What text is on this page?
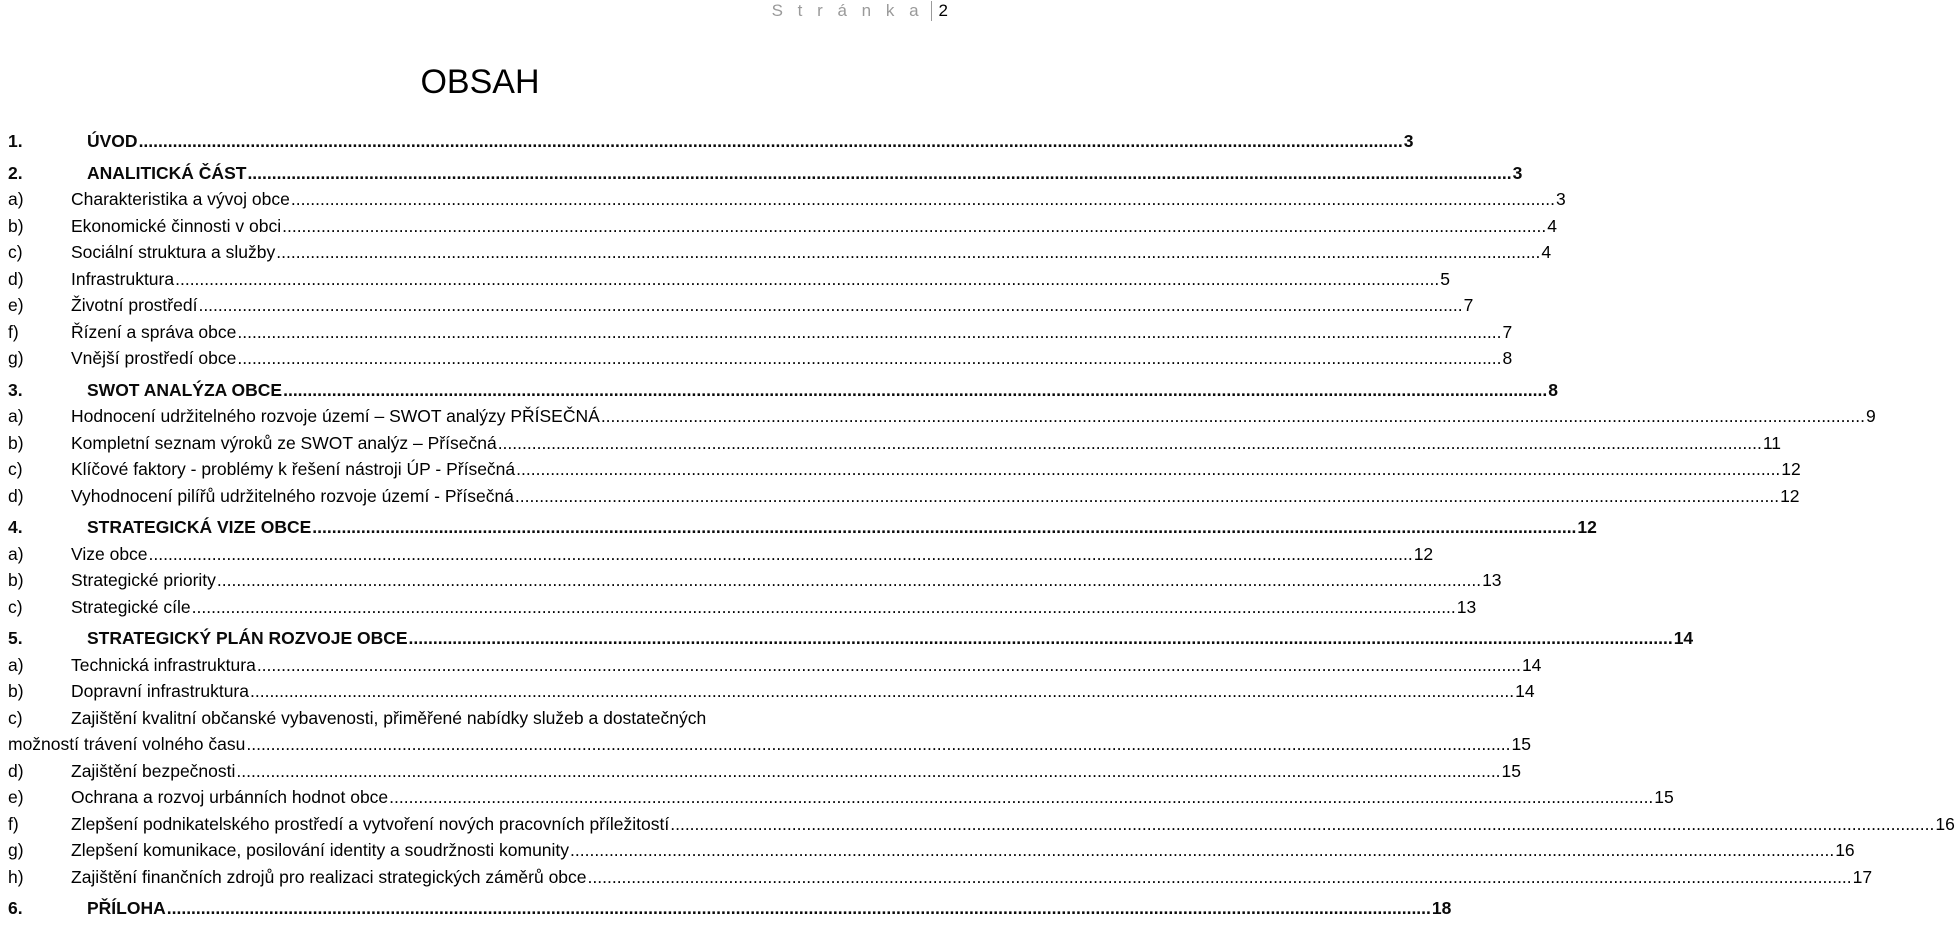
S t r á n k a 2
OBSAH
1.	ÚVOD .....	3
2.	ANALITICKÁ ČÁST .....	3
a)	Charakteristika a vývoj obce .....	3
b)	Ekonomické činnosti v obci .....	4
c)	Sociální struktura a služby .....	4
d)	Infrastruktura .....	5
e)	Životní prostředí .....	7
f)	Řízení a správa obce .....	7
g)	Vnější prostředí obce .....	8
3.	SWOT ANALÝZA OBCE .....	8
a)	Hodnocení udržitelného rozvoje území – SWOT analýzy PŘÍSEČNÁ .....	9
b)	Kompletní seznam výroků ze SWOT analýz – Přísečná .....	11
c)	Klíčové faktory - problémy k řešení nástroji ÚP - Přísečná .....	12
d)	Vyhodnocení pilířů udržitelného rozvoje území - Přísečná .....	12
4.	STRATEGICKÁ VIZE OBCE .....	12
a)	Vize obce .....	12
b)	Strategické priority .....	13
c)	Strategické cíle .....	13
5.	STRATEGICKÝ PLÁN ROZVOJE OBCE .....	14
a)	Technická infrastruktura .....	14
b)	Dopravní infrastruktura .....	14
c)	Zajištění kvalitní občanské vybavenosti, přiměřené nabídky služeb a dostatečných
možností trávení volného času .....	15
d)	Zajištění bezpečnosti .....	15
e)	Ochrana a rozvoj urbánních hodnot obce .....	15
f)	Zlepšení podnikatelského prostředí a vytvoření nových pracovních příležitostí .....	16
g)	Zlepšení komunikace, posilování identity a soudržnosti komunity .....	16
h)	Zajištění finančních zdrojů pro realizaci strategických záměrů obce .....	17
6.	PŘÍLOHA .....	18
